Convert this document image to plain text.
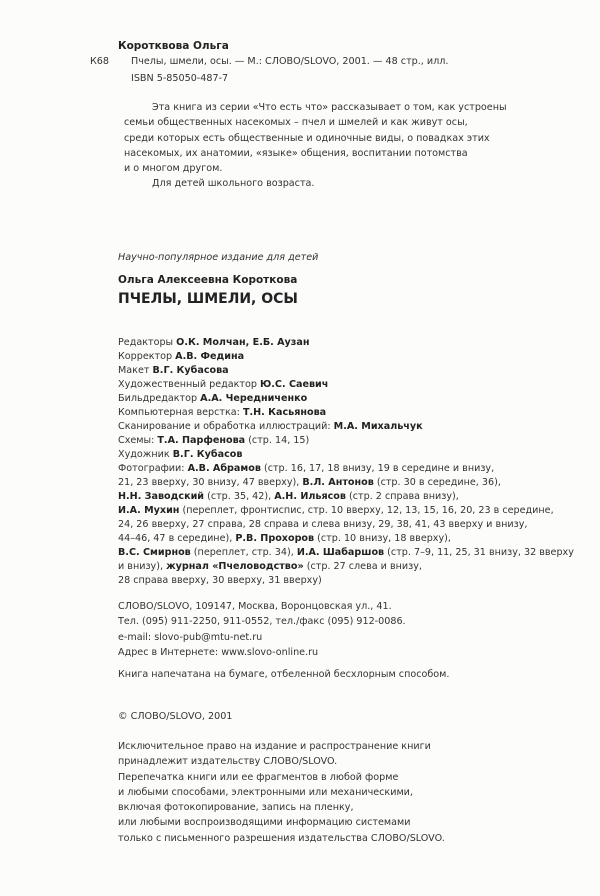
Коротквова Ольга
К68 Пчелы, шмели, осы. — М.: СЛОВО/SLOVO, 2001. — 48 стр., илл.
ISBN 5-85050-487-7
Эта книга из серии «Что есть что» рассказывает о том, как устроены
семьи общественных насекомых – пчел и шмелей и как живут осы,
среди которых есть общественные и одиночные виды, о повадках этих
насекомых, их анатомии, «языке» общения, воспитании потомства
и о многом другом.
Для детей школьного возраста.
Научно-популярное издание для детей
Ольга Алексеевна Короткова
ПЧЕЛЫ, ШМЕЛИ, ОСЫ
Редакторы О.К. Молчан, Е.Б. Аузан
Корректор А.В. Федина
Макет В.Г. Кубасова
Художественный редактор Ю.С. Саевич
Бильдредактор А.А. Чередниченко
Компьютерная верстка: Т.Н. Касьянова
Сканирование и обработка иллюстраций: М.А. Михальчук
Схемы: Т.А. Парфенова (стр. 14, 15)
Художник В.Г. Кубасов
Фотографии: А.В. Абрамов (стр. 16, 17, 18 внизу, 19 в середине и внизу,
21, 23 вверху, 30 внизу, 47 вверху), В.Л. Антонов (стр. 30 в середине, 36),
Н.Н. Заводский (стр. 35, 42), А.Н. Ильясов (стр. 2 справа внизу),
И.А. Мухин (переплет, фронтиспис, стр. 10 вверху, 12, 13, 15, 16, 20, 23 в середине,
24, 26 вверху, 27 справа, 28 справа и слева внизу, 29, 38, 41, 43 вверху и внизу,
44–46, 47 в середине), Р.В. Прохоров (стр. 10 внизу, 18 вверху),
В.С. Смирнов (переплет, стр. 34), И.А. Шабаршов (стр. 7–9, 11, 25, 31 внизу, 32 вверху
и внизу), журнал «Пчеловодство» (стр. 27 слева и внизу,
28 справа вверху, 30 вверху, 31 вверху)
СЛОВО/SLOVO, 109147, Москва, Воронцовская ул., 41.
Тел. (095) 911-2250, 911-0552, тел./факс (095) 912-0086.
e-mail: slovo-pub@mtu-net.ru
Адрес в Интернете: www.slovo-online.ru
Книга напечатана на бумаге, отбеленной бесхлорным способом.
© СЛОВО/SLOVO, 2001
Исключительное право на издание и распространение книги
принадлежит издательству СЛОВО/SLOVO.
Перепечатка книги или ее фрагментов в любой форме
и любыми способами, электронными или механическими,
включая фотокопирование, запись на пленку,
или любыми воспроизводящими информацию системами
только с письменного разрешения издательства СЛОВО/SLOVO.
